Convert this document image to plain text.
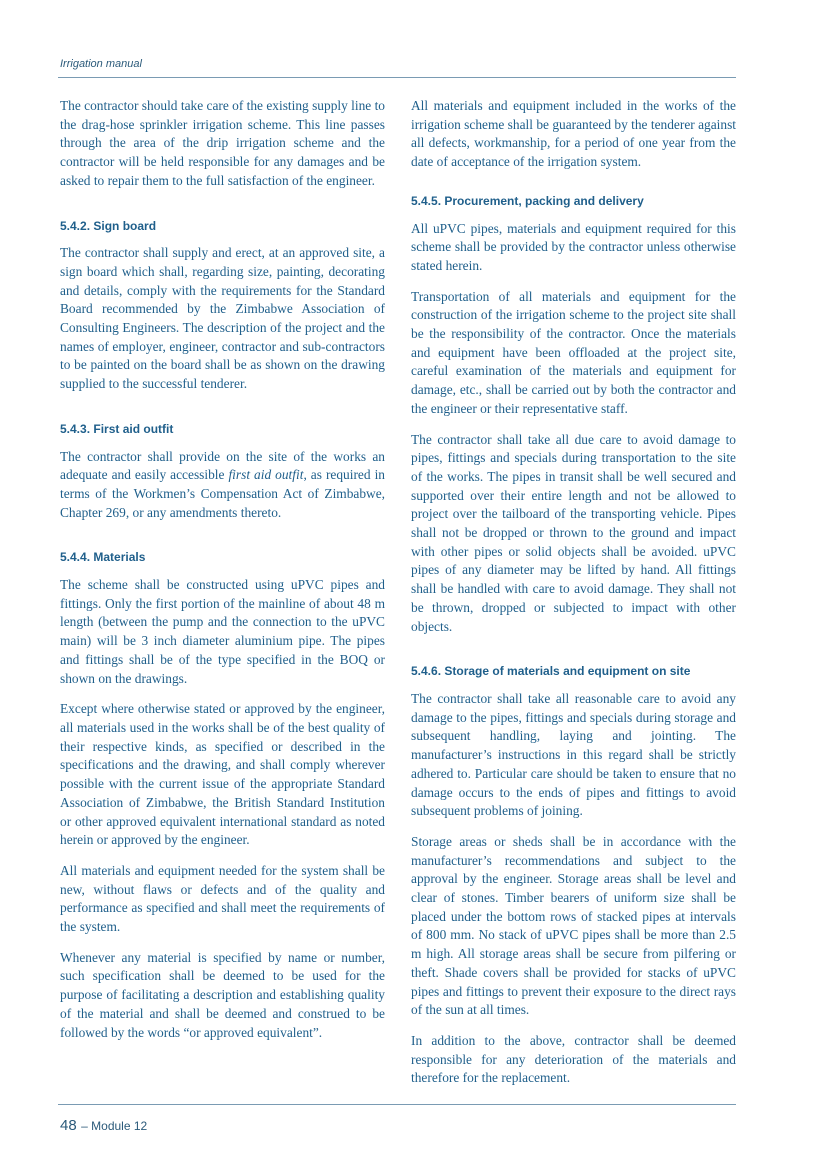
Irrigation manual

The contractor should take care of the existing supply line to the drag-hose sprinkler irrigation scheme. This line passes through the area of the drip irrigation scheme and the contractor will be held responsible for any damages and be asked to repair them to the full satisfaction of the engineer.

5.4.2. Sign board

The contractor shall supply and erect, at an approved site, a sign board which shall, regarding size, painting, decorating and details, comply with the requirements for the Standard Board recommended by the Zimbabwe Association of Consulting Engineers. The description of the project and the names of employer, engineer, contractor and sub-contractors to be painted on the board shall be as shown on the drawing supplied to the successful tenderer.

5.4.3. First aid outfit

The contractor shall provide on the site of the works an adequate and easily accessible first aid outfit, as required in terms of the Workmen’s Compensation Act of Zimbabwe, Chapter 269, or any amendments thereto.

5.4.4. Materials

The scheme shall be constructed using uPVC pipes and fittings. Only the first portion of the mainline of about 48 m length (between the pump and the connection to the uPVC main) will be 3 inch diameter aluminium pipe. The pipes and fittings shall be of the type specified in the BOQ or shown on the drawings.

Except where otherwise stated or approved by the engineer, all materials used in the works shall be of the best quality of their respective kinds, as specified or described in the specifications and the drawing, and shall comply wherever possible with the current issue of the appropriate Standard Association of Zimbabwe, the British Standard Institution or other approved equivalent international standard as noted herein or approved by the engineer.

All materials and equipment needed for the system shall be new, without flaws or defects and of the quality and performance as specified and shall meet the requirements of the system.

Whenever any material is specified by name or number, such specification shall be deemed to be used for the purpose of facilitating a description and establishing quality of the material and shall be deemed and construed to be followed by the words “or approved equivalent”.

All materials and equipment included in the works of the irrigation scheme shall be guaranteed by the tenderer against all defects, workmanship, for a period of one year from the date of acceptance of the irrigation system.

5.4.5. Procurement, packing and delivery

All uPVC pipes, materials and equipment required for this scheme shall be provided by the contractor unless otherwise stated herein.

Transportation of all materials and equipment for the construction of the irrigation scheme to the project site shall be the responsibility of the contractor. Once the materials and equipment have been offloaded at the project site, careful examination of the materials and equipment for damage, etc., shall be carried out by both the contractor and the engineer or their representative staff.

The contractor shall take all due care to avoid damage to pipes, fittings and specials during transportation to the site of the works. The pipes in transit shall be well secured and supported over their entire length and not be allowed to project over the tailboard of the transporting vehicle. Pipes shall not be dropped or thrown to the ground and impact with other pipes or solid objects shall be avoided. uPVC pipes of any diameter may be lifted by hand. All fittings shall be handled with care to avoid damage. They shall not be thrown, dropped or subjected to impact with other objects.

5.4.6. Storage of materials and equipment on site

The contractor shall take all reasonable care to avoid any damage to the pipes, fittings and specials during storage and subsequent handling, laying and jointing. The manufacturer’s instructions in this regard shall be strictly adhered to. Particular care should be taken to ensure that no damage occurs to the ends of pipes and fittings to avoid subsequent problems of joining.

Storage areas or sheds shall be in accordance with the manufacturer’s recommendations and subject to the approval by the engineer. Storage areas shall be level and clear of stones. Timber bearers of uniform size shall be placed under the bottom rows of stacked pipes at intervals of 800 mm. No stack of uPVC pipes shall be more than 2.5 m high. All storage areas shall be secure from pilfering or theft. Shade covers shall be provided for stacks of uPVC pipes and fittings to prevent their exposure to the direct rays of the sun at all times.

In addition to the above, contractor shall be deemed responsible for any deterioration of the materials and therefore for the replacement.

48 – Module 12
